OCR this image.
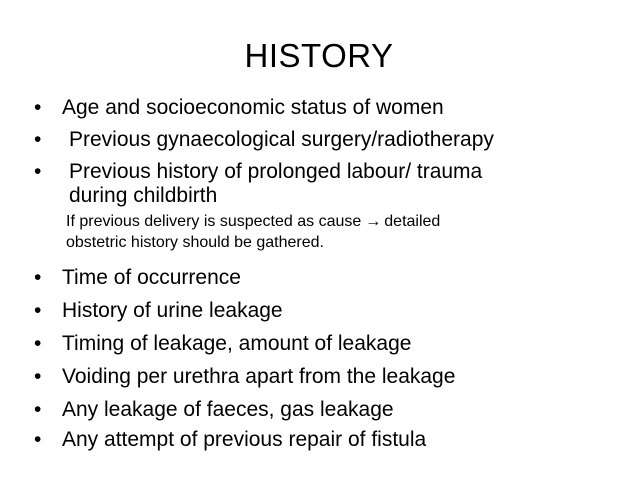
HISTORY
• Age and socioeconomic status of women
•	Previous gynaecological surgery/radiotherapy
•	Previous history of prolonged labour/ trauma
during childbirth
If previous delivery is suspected as cause → detailed
obstetric history should be gathered.
• Time of occurrence
• History of urine leakage
• Timing of leakage, amount of leakage
• Voiding per urethra apart from the leakage
• Any leakage of faeces, gas leakage
• Any attempt of previous repair of fistula
